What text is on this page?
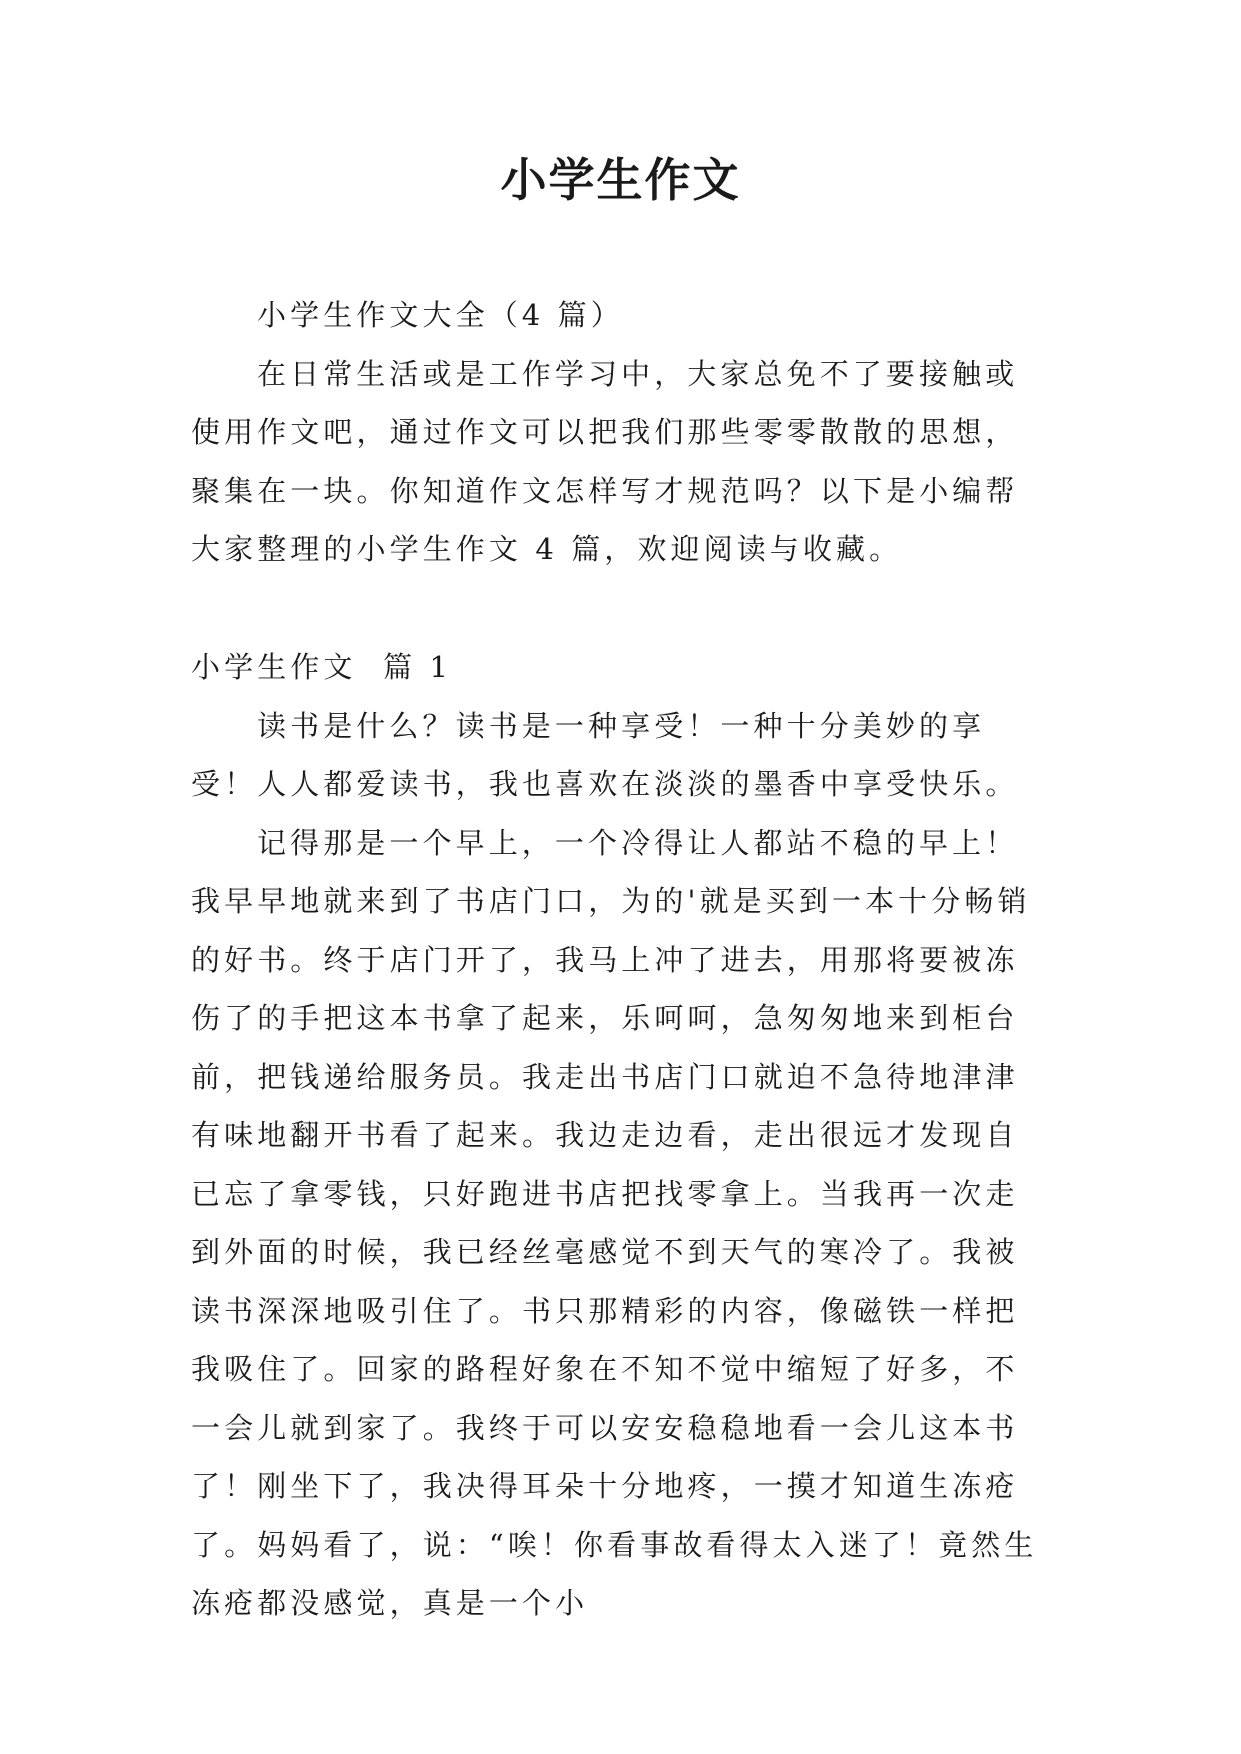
小学生作文

小学生作文大全（4 篇）

在日常生活或是工作学习中，大家总免不了要接触或使用作文吧，通过作文可以把我们那些零零散散的思想，聚集在一块。你知道作文怎样写才规范吗？以下是小编帮大家整理的小学生作文 4 篇，欢迎阅读与收藏。

小学生作文  篇 1

读书是什么？读书是一种享受！一种十分美妙的享受！人人都爱读书，我也喜欢在淡淡的墨香中享受快乐。

记得那是一个早上，一个冷得让人都站不稳的早上！我早早地就来到了书店门口，为的'就是买到一本十分畅销的好书。终于店门开了，我马上冲了进去，用那将要被冻伤了的手把这本书拿了起来，乐呵呵，急匆匆地来到柜台前，把钱递给服务员。我走出书店门口就迫不急待地津津有味地翻开书看了起来。我边走边看，走出很远才发现自已忘了拿零钱，只好跑进书店把找零拿上。当我再一次走到外面的时候，我已经丝毫感觉不到天气的寒冷了。我被读书深深地吸引住了。书只那精彩的内容，像磁铁一样把我吸住了。回家的路程好象在不知不觉中缩短了好多，不一会儿就到家了。我终于可以安安稳稳地看一会儿这本书了！刚坐下了，我决得耳朵十分地疼，一摸才知道生冻疮了。妈妈看了，说：“唉！你看事故看得太入迷了！竟然生冻疮都没感觉，真是一个小
